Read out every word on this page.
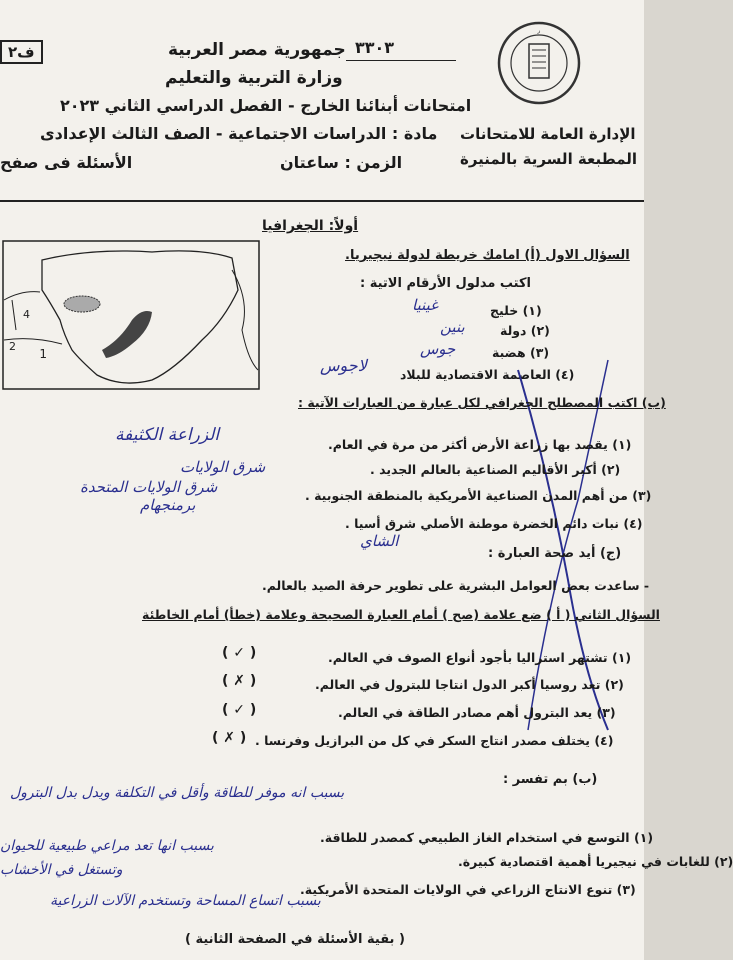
ر
الإدارة العامة للامتحانات
المطبعة السرية بالمنيرة
٣٣٠٣
جمهورية مصر العربية
وزارة التربية والتعليم
امتحانات أبنائنا الخارج - الفصل الدراسي الثاني ٢٠٢٣
مادة : الدراسات الاجتماعية - الصف الثالث الإعدادى
الزمن : ساعتان
الأسئلة فى صفح
ف٢
أولاً: الجغرافيا
1
4
2
السؤال الاول (أ) امامك خريطة لدولة نيجيريا.
اكتب مدلول الأرقام الاتية :
(١) خليج
غينيا
(٢) دولة
بنين
(٣) هضبة
جوس
(٤) العاصمة الاقتصادية للبلاد
لاجوس
(ب) اكتب المصطلح الجغرافي لكل عبارة من العبارات الآتية :
(١) يقصد بها زراعة الأرض أكثر من مرة في العام.
الزراعة الكثيفة
(٢) أكبر الأقاليم الصناعية بالعالم الجديد .
شرق الولايات
(٣) من أهم المدن الصناعية الأمريكية بالمنطقة الجنوبية .
شرق الولايات المتحدة
برمنجهام
(٤) نبات دائم الخضرة موطنة الأصلي شرق أسيا .
الشاي
(ج) أيد صحة العبارة :
- ساعدت بعض العوامل البشرية على تطوير حرفة الصيد بالعالم.
السؤال الثاني ( أ ) ضع علامة (صح ) أمام العبارة الصحيحة وعلامة (خطأ) أمام الخاطئة
(١) تشتهر استراليا بأجود أنواع الصوف في العالم.
( ✓ )
(٢) تعد روسيا أكبر الدول انتاجا للبترول في العالم.
( ✗ )
(٣) يعد البترول أهم مصادر الطاقة في العالم.
( ✓ )
(٤) يختلف مصدر انتاج السكر في كل من البرازيل وفرنسا .
( ✗ )
(ب) بم تفسر :
بسبب انه موفر للطاقة وأقل في التكلفة ويدل بدل البترول
(١) التوسع في استخدام الغاز الطبيعي كمصدر للطاقة.
بسبب انها تعد مراعي طبيعية للحيوان
(٢) للغابات في نيجيريا أهمية اقتصادية كبيرة.
وتستغل في الأخشاب
(٣) تنوع الانتاج الزراعي في الولايات المتحدة الأمريكية.
بسبب اتساع المساحة وتستخدم الآلات الزراعية
( بقية الأسئلة في الصفحة الثانية )
